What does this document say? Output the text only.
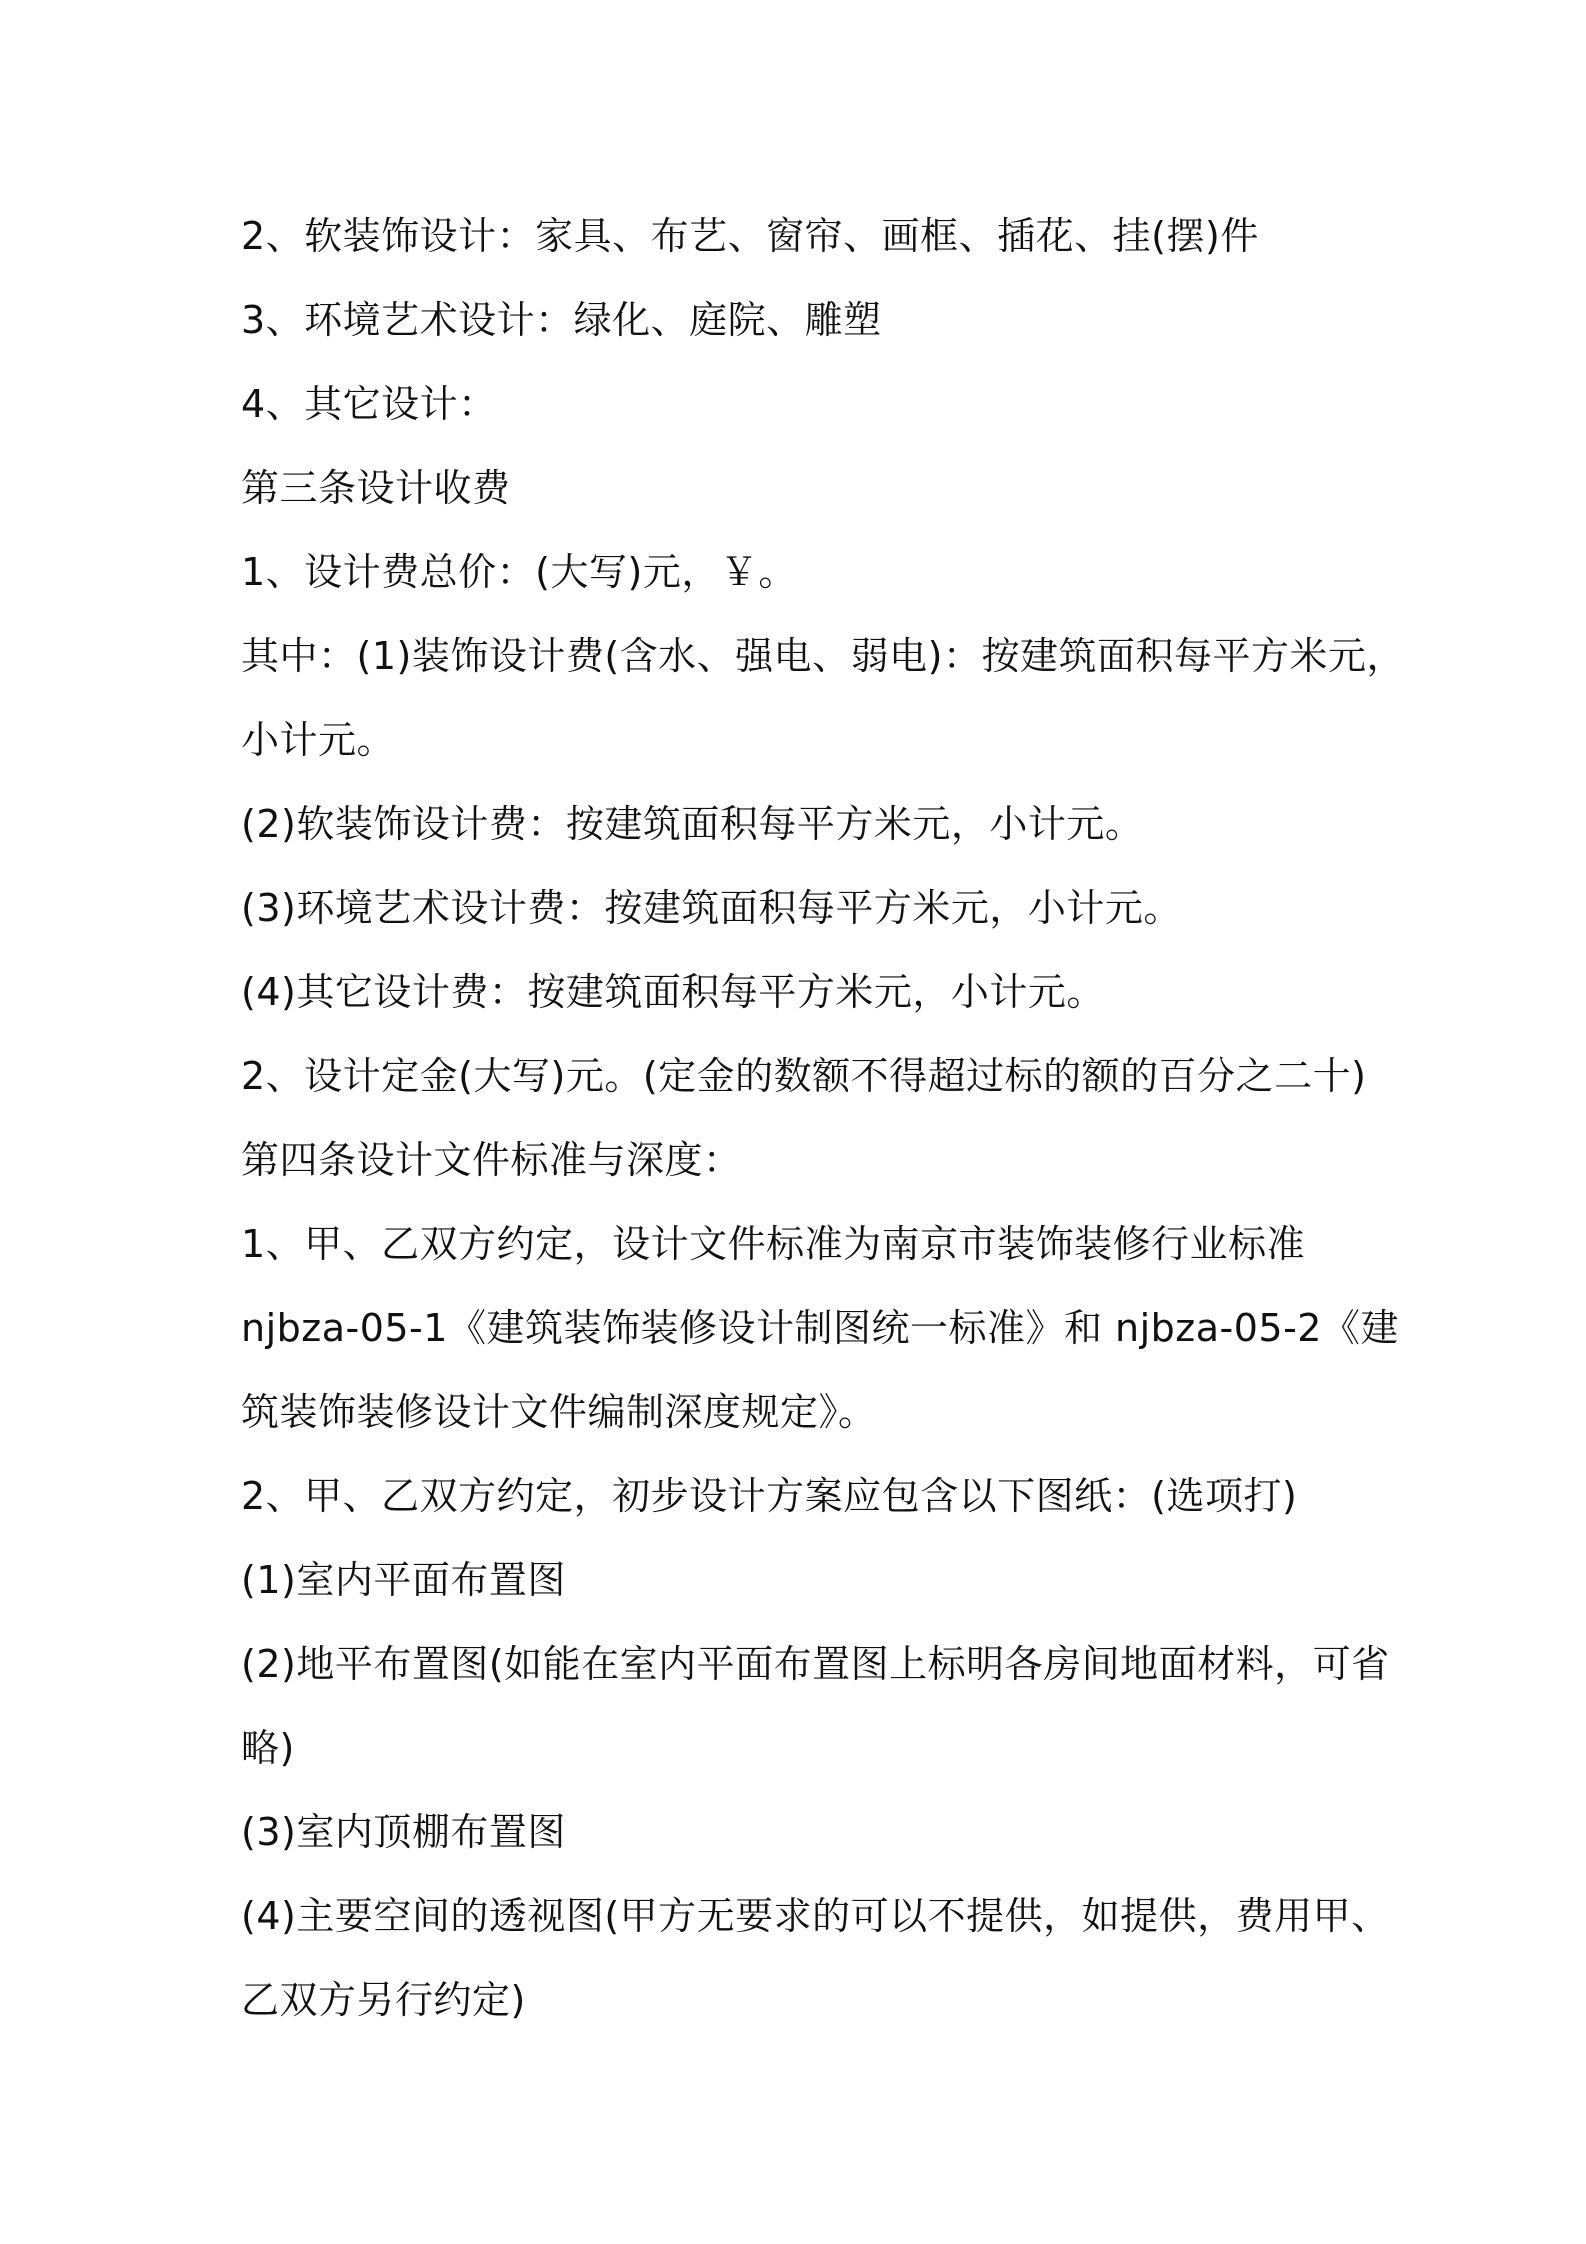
2、软装饰设计：家具、布艺、窗帘、画框、插花、挂(摆)件

3、环境艺术设计：绿化、庭院、雕塑

4、其它设计：

第三条设计收费

1、设计费总价：(大写)元，￥。

其中：(1)装饰设计费(含水、强电、弱电)：按建筑面积每平方米元，

小计元。

(2)软装饰设计费：按建筑面积每平方米元，小计元。

(3)环境艺术设计费：按建筑面积每平方米元，小计元。

(4)其它设计费：按建筑面积每平方米元，小计元。

2、设计定金(大写)元。(定金的数额不得超过标的额的百分之二十)

第四条设计文件标准与深度：

1、甲、乙双方约定，设计文件标准为南京市装饰装修行业标准

njbza-05-1《建筑装饰装修设计制图统一标准》和 njbza-05-2《建

筑装饰装修设计文件编制深度规定》。

2、甲、乙双方约定，初步设计方案应包含以下图纸：(选项打)

(1)室内平面布置图

(2)地平布置图(如能在室内平面布置图上标明各房间地面材料，可省

略)

(3)室内顶棚布置图

(4)主要空间的透视图(甲方无要求的可以不提供，如提供，费用甲、

乙双方另行约定)
